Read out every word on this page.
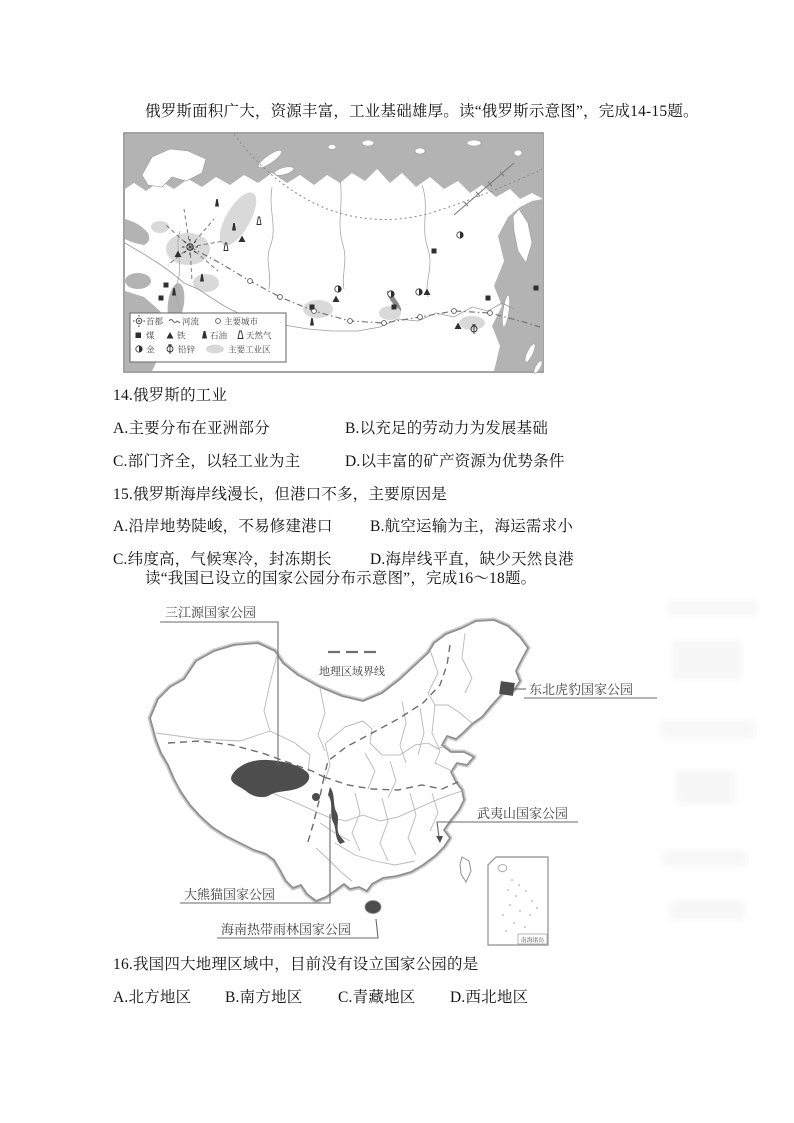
俄罗斯面积广大，资源丰富，工业基础雄厚。读“俄罗斯示意图”，完成14-15题。
首都 河流	主要城市
煤	铁	石油 天然气
金	铅锌	主要工业区
14.俄罗斯的工业
A.主要分布在亚洲部分	B.以充足的劳动力为发展基础
C.部门齐全，以轻工业为主	D.以丰富的矿产资源为优势条件
15.俄罗斯海岸线漫长，但港口不多，主要原因是
A.沿岸地势陡峻，不易修建港口 B.航空运输为主，海运需求小
C.纬度高，气候寒冷，封冻期长 D.海岸线平直，缺少天然良港
读“我国已设立的国家公园分布示意图”，完成16～18题。
地理区域界线
三江源国家公园
东北虎豹国家公园
武夷山国家公园
大熊猫国家公园
海南热带雨林国家公园
南海诸岛
16.我国四大地理区域中，目前没有设立国家公园的是
A.北方地区 B.南方地区 C.青藏地区 D.西北地区
